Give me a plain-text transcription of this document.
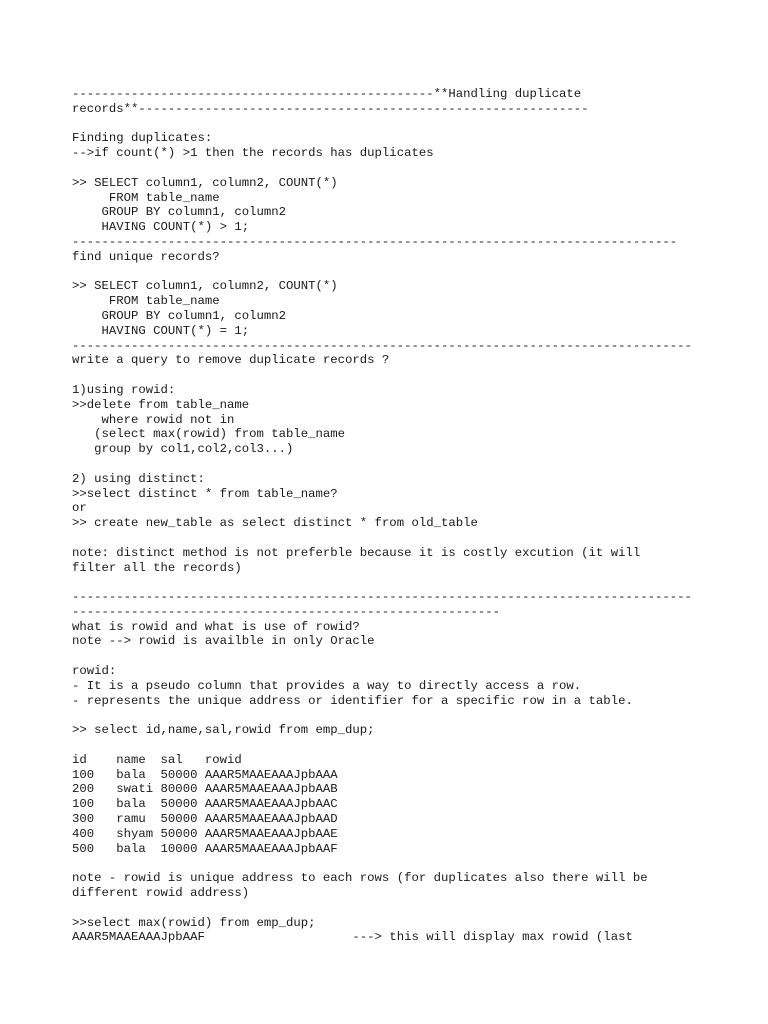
-------------------------------------------------**Handling duplicate
records**-------------------------------------------------------------
Finding duplicates:
-->if count(*) >1 then the records has duplicates
>> SELECT column1, column2, COUNT(*)
FROM table_name
GROUP BY column1, column2
HAVING COUNT(*) > 1;
----------------------------------------------------------------------------------
find unique records?
>> SELECT column1, column2, COUNT(*)
FROM table_name
GROUP BY column1, column2
HAVING COUNT(*) = 1;
------------------------------------------------------------------------------------
write a query to remove duplicate records ?
1)using rowid:
>>delete from table_name
where rowid not in
(select max(rowid) from table_name
group by col1,col2,col3...)
2) using distinct:
>>select distinct * from table_name?
or
>> create new_table as select distinct * from old_table
note: distinct method is not preferble because it is costly excution (it will
filter all the records)
------------------------------------------------------------------------------------
----------------------------------------------------------
what is rowid and what is use of rowid?
note --> rowid is availble in only Oracle
rowid:
- It is a pseudo column that provides a way to directly access a row.
- represents the unique address or identifier for a specific row in a table.
>> select id,name,sal,rowid from emp_dup;
id    name  sal   rowid
100   bala  50000 AAAR5MAAEAAAJpbAAA
200   swati 80000 AAAR5MAAEAAAJpbAAB
100   bala  50000 AAAR5MAAEAAAJpbAAC
300   ramu  50000 AAAR5MAAEAAAJpbAAD
400   shyam 50000 AAAR5MAAEAAAJpbAAE
500   bala  10000 AAAR5MAAEAAAJpbAAF
note - rowid is unique address to each rows (for duplicates also there will be
different rowid address)
>>select max(rowid) from emp_dup;
AAAR5MAAEAAAJpbAAF                    ---> this will display max rowid (last
